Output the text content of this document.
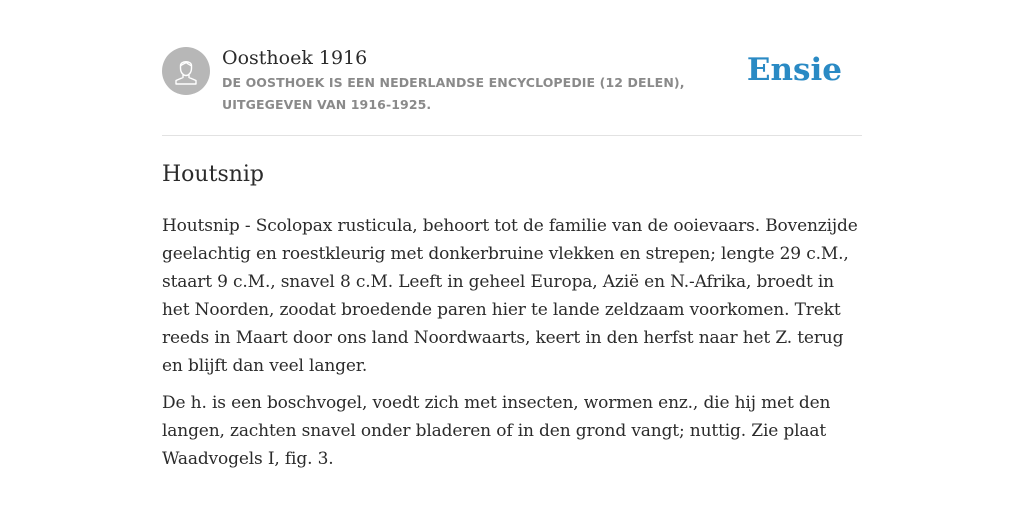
Oosthoek 1916
DE OOSTHOEK IS EEN NEDERLANDSE ENCYCLOPEDIE (12 DELEN), UITGEGEVEN VAN 1916-1925.
Ensie
Houtsnip

Houtsnip - Scolopax rusticula, behoort tot de familie van de ooievaars. Bovenzijde geelachtig en roestkleurig met donkerbruine vlekken en strepen; lengte 29 c.M., staart 9 c.M., snavel 8 c.M. Leeft in geheel Europa, Azië en N.-Afrika, broedt in het Noorden, zoodat broedende paren hier te lande zeldzaam voorkomen. Trekt reeds in Maart door ons land Noordwaarts, keert in den herfst naar het Z. terug en blijft dan veel langer.

De h. is een boschvogel, voedt zich met insecten, wormen enz., die hij met den langen, zachten snavel onder bladeren of in den grond vangt; nuttig. Zie plaat Waadvogels I, fig. 3.
